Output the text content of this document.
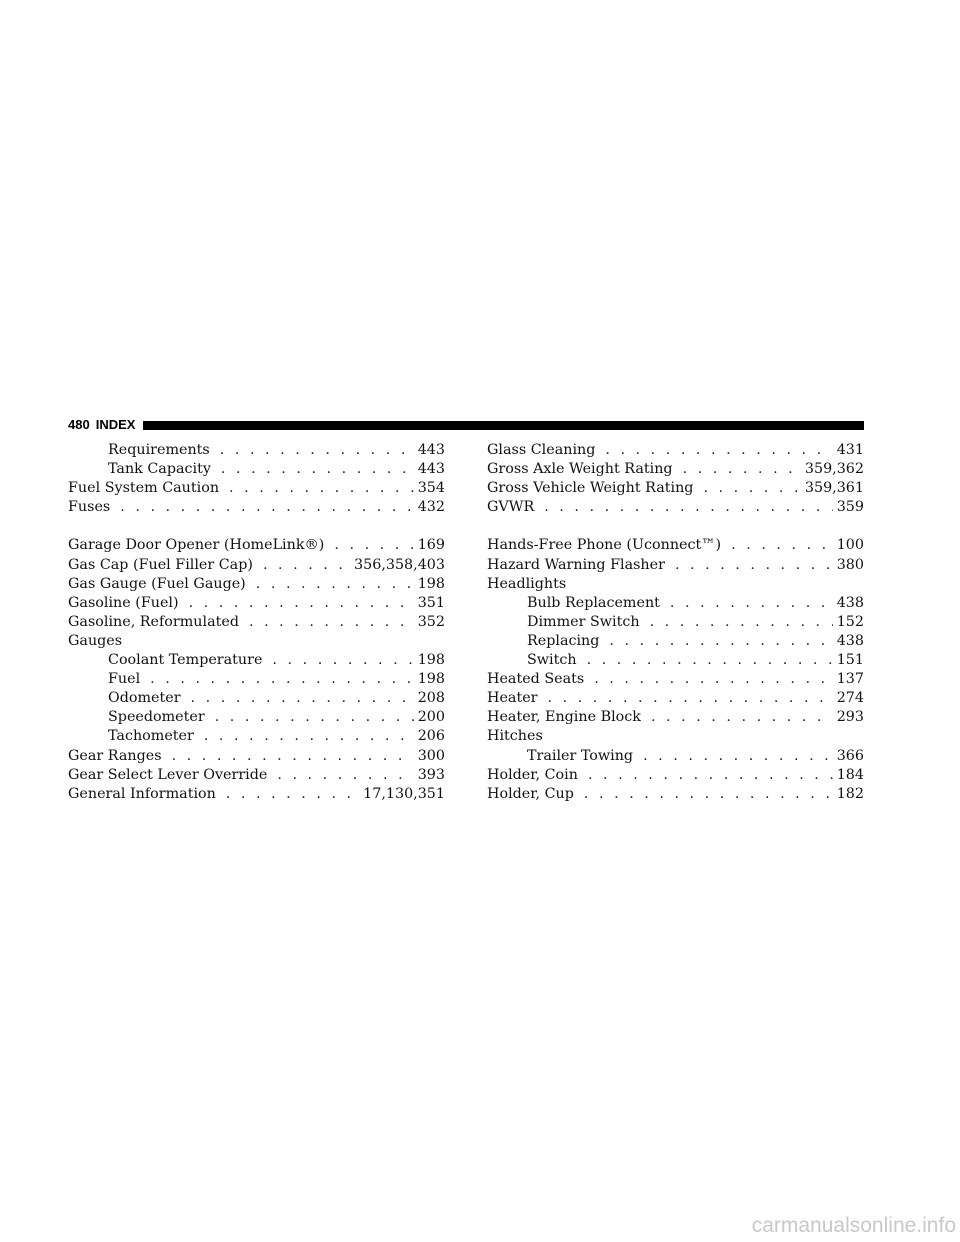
480 INDEX
Requirements . . .	443
Tank Capacity . . .	443
Fuel System Caution . . .	354
Fuses . . .	432
Garage Door Opener (HomeLink®) . . .	169
Gas Cap (Fuel Filler Cap) . . .	356,358,403
Gas Gauge (Fuel Gauge) . . .	198
Gasoline (Fuel) . . .	351
Gasoline, Reformulated . . .	352
Gauges
Coolant Temperature . . .	198
Fuel . . .	198
Odometer . . .	208
Speedometer . . .	200
Tachometer . . .	206
Gear Ranges . . .	300
Gear Select Lever Override . . .	393
General Information . . .	17,130,351
Glass Cleaning . . .	431
Gross Axle Weight Rating . . .	359,362
Gross Vehicle Weight Rating . . .	359,361
GVWR . . .	359
Hands-Free Phone (Uconnect™) . . .	100
Hazard Warning Flasher . . .	380
Headlights
Bulb Replacement . . .	438
Dimmer Switch . . .	152
Replacing . . .	438
Switch . . .	151
Heated Seats . . .	137
Heater . . .	274
Heater, Engine Block . . .	293
Hitches
Trailer Towing . . .	366
Holder, Coin . . .	184
Holder, Cup . . .	182
carmanualsonline.info
